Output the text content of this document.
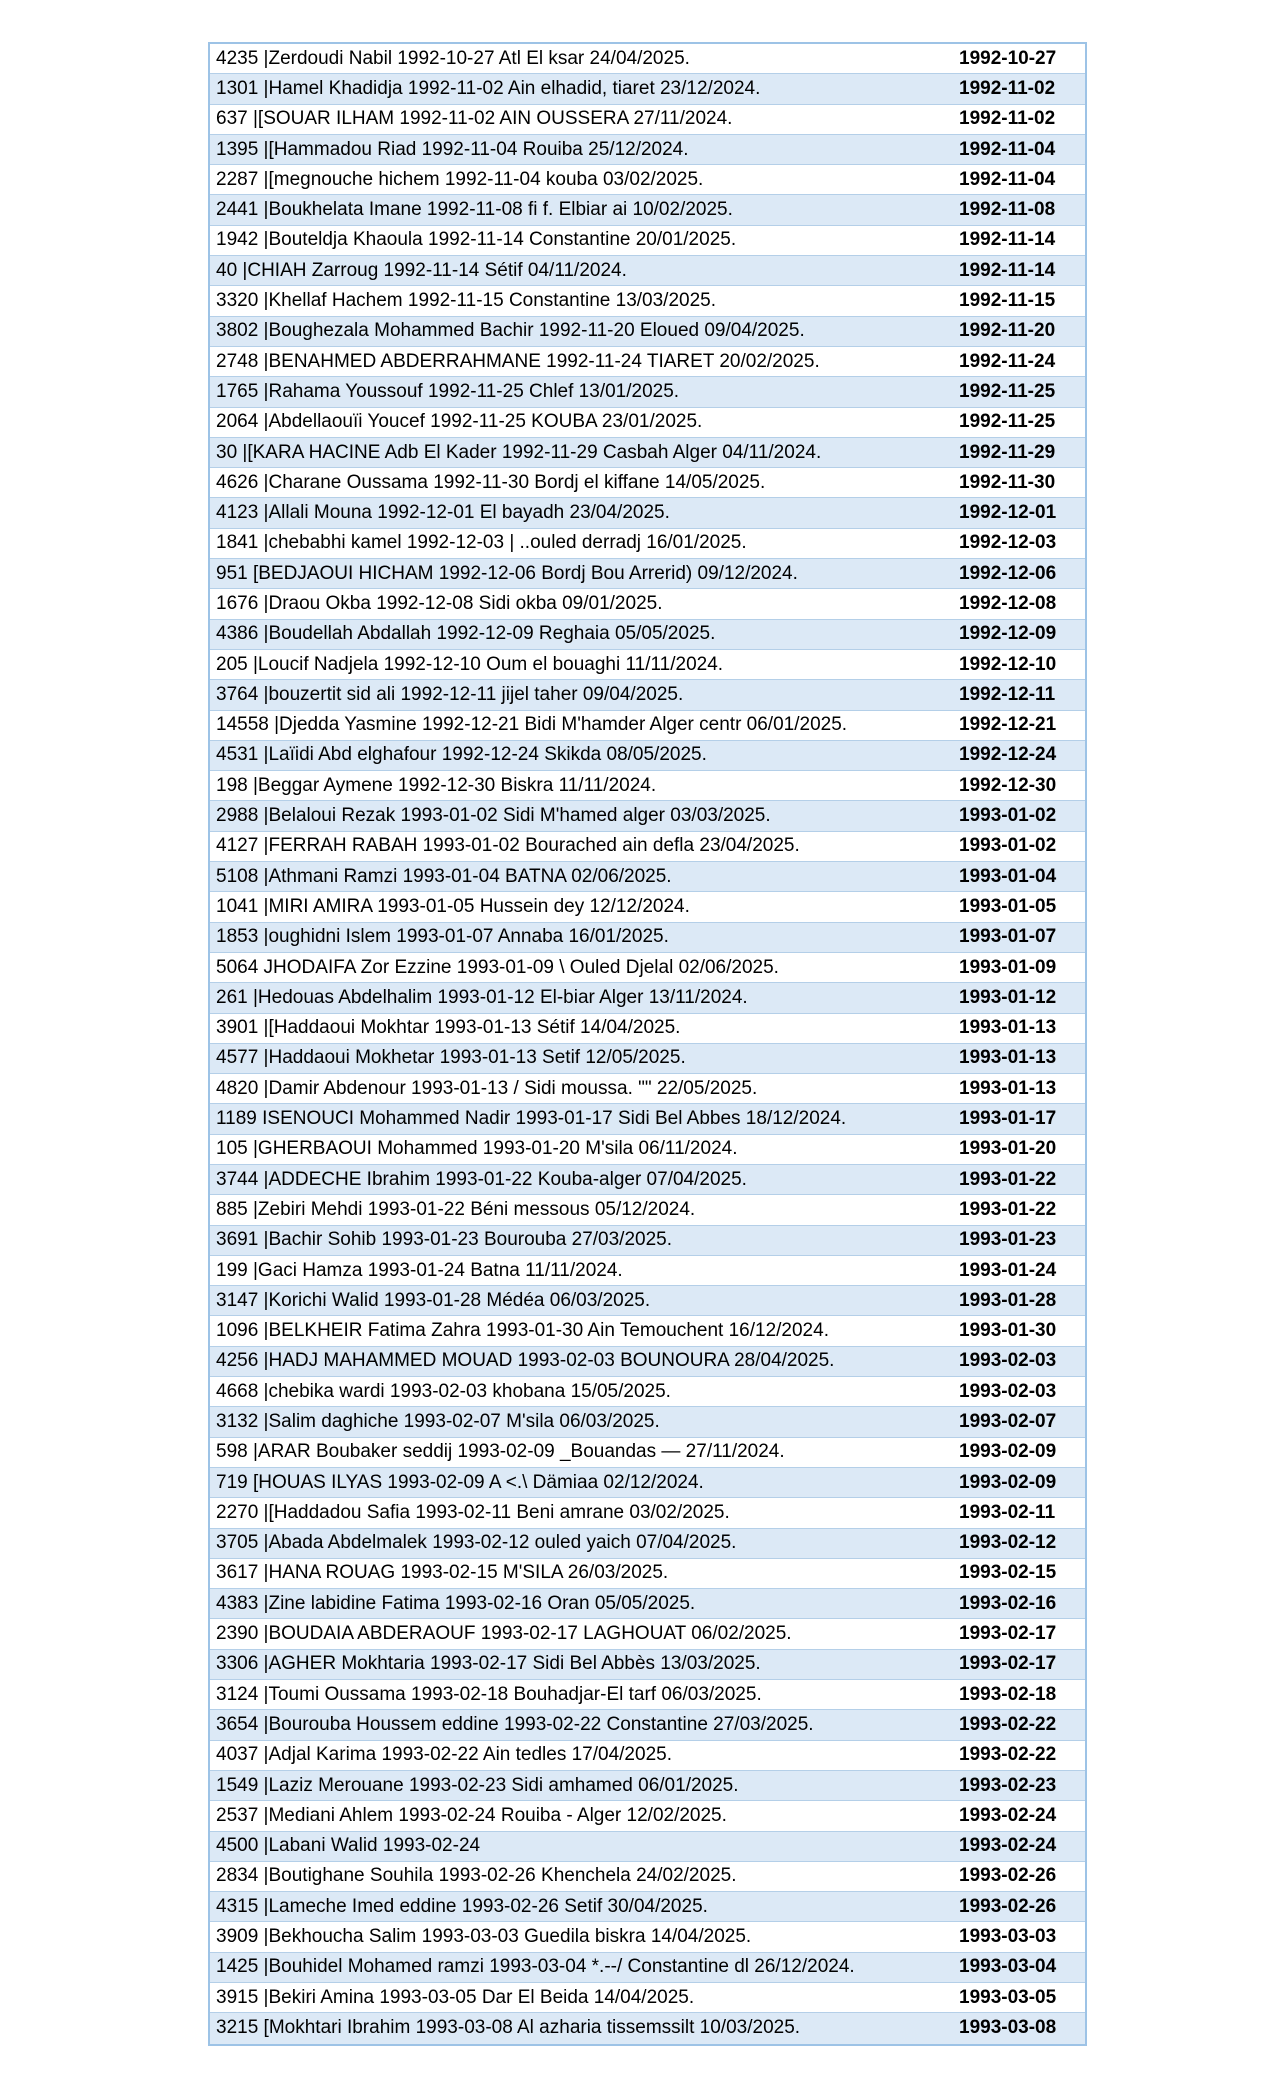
4235 |Zerdoudi Nabil 1992-10-27 Atl El ksar 24/04/2025.	1992-10-27
1301 |Hamel Khadidja 1992-11-02 Ain elhadid, tiaret 23/12/2024.	1992-11-02
637 |[SOUAR ILHAM 1992-11-02 AIN OUSSERA 27/11/2024.	1992-11-02
1395 |[Hammadou Riad 1992-11-04 Rouiba 25/12/2024.	1992-11-04
2287 |[megnouche hichem 1992-11-04 kouba 03/02/2025.	1992-11-04
2441 |Boukhelata Imane 1992-11-08 fi f. Elbiar ai 10/02/2025.	1992-11-08
1942 |Bouteldja Khaoula 1992-11-14 Constantine 20/01/2025.	1992-11-14
40 |CHIAH Zarroug 1992-11-14 Sétif 04/11/2024.	1992-11-14
3320 |Khellaf Hachem 1992-11-15 Constantine 13/03/2025.	1992-11-15
3802 |Boughezala Mohammed Bachir 1992-11-20 Eloued 09/04/2025.	1992-11-20
2748 |BENAHMED ABDERRAHMANE 1992-11-24 TIARET 20/02/2025.	1992-11-24
1765 |Rahama Youssouf 1992-11-25 Chlef 13/01/2025.	1992-11-25
2064 |Abdellaouïi Youcef 1992-11-25 KOUBA 23/01/2025.	1992-11-25
30 |[KARA HACINE Adb El Kader 1992-11-29 Casbah Alger 04/11/2024.	1992-11-29
4626 |Charane Oussama 1992-11-30 Bordj el kiffane 14/05/2025.	1992-11-30
4123 |Allali Mouna 1992-12-01 El bayadh 23/04/2025.	1992-12-01
1841 |chebabhi kamel 1992-12-03 | ..ouled derradj 16/01/2025.	1992-12-03
951 [BEDJAOUI HICHAM 1992-12-06 Bordj Bou Arrerid) 09/12/2024.	1992-12-06
1676 |Draou Okba 1992-12-08 Sidi okba 09/01/2025.	1992-12-08
4386 |Boudellah Abdallah 1992-12-09 Reghaia 05/05/2025.	1992-12-09
205 |Loucif Nadjela 1992-12-10 Oum el bouaghi 11/11/2024.	1992-12-10
3764 |bouzertit sid ali 1992-12-11 jijel taher 09/04/2025.	1992-12-11
14558 |Djedda Yasmine 1992-12-21 Bidi M'hamder Alger centr 06/01/2025.	1992-12-21
4531 |Laïidi Abd elghafour 1992-12-24 Skikda 08/05/2025.	1992-12-24
198 |Beggar Aymene 1992-12-30 Biskra 11/11/2024.	1992-12-30
2988 |Belaloui Rezak 1993-01-02 Sidi M'hamed alger 03/03/2025.	1993-01-02
4127 |FERRAH RABAH 1993-01-02 Bourached ain defla 23/04/2025.	1993-01-02
5108 |Athmani Ramzi 1993-01-04 BATNA 02/06/2025.	1993-01-04
1041 |MIRI AMIRA 1993-01-05 Hussein dey 12/12/2024.	1993-01-05
1853 |oughidni Islem 1993-01-07 Annaba 16/01/2025.	1993-01-07
5064 JHODAIFA Zor Ezzine 1993-01-09 \ Ouled Djelal 02/06/2025.	1993-01-09
261 |Hedouas Abdelhalim 1993-01-12 El-biar Alger 13/11/2024.	1993-01-12
3901 |[Haddaoui Mokhtar 1993-01-13 Sétif 14/04/2025.	1993-01-13
4577 |Haddaoui Mokhetar 1993-01-13 Setif 12/05/2025.	1993-01-13
4820 |Damir Abdenour 1993-01-13 / Sidi moussa. "" 22/05/2025.	1993-01-13
1189 ISENOUCI Mohammed Nadir 1993-01-17 Sidi Bel Abbes 18/12/2024.	1993-01-17
105 |GHERBAOUI Mohammed 1993-01-20 M'sila 06/11/2024.	1993-01-20
3744 |ADDECHE Ibrahim 1993-01-22 Kouba-alger 07/04/2025.	1993-01-22
885 |Zebiri Mehdi 1993-01-22 Béni messous 05/12/2024.	1993-01-22
3691 |Bachir Sohib 1993-01-23 Bourouba 27/03/2025.	1993-01-23
199 |Gaci Hamza 1993-01-24 Batna 11/11/2024.	1993-01-24
3147 |Korichi Walid 1993-01-28 Médéa 06/03/2025.	1993-01-28
1096 |BELKHEIR Fatima Zahra 1993-01-30 Ain Temouchent 16/12/2024.	1993-01-30
4256 |HADJ MAHAMMED MOUAD 1993-02-03 BOUNOURA 28/04/2025.	1993-02-03
4668 |chebika wardi 1993-02-03 khobana 15/05/2025.	1993-02-03
3132 |Salim daghiche 1993-02-07 M'sila 06/03/2025.	1993-02-07
598 |ARAR Boubaker seddij 1993-02-09 _Bouandas — 27/11/2024.	1993-02-09
719 [HOUAS ILYAS 1993-02-09 A <.\ Dämiaa 02/12/2024.	1993-02-09
2270 |[Haddadou Safia 1993-02-11 Beni amrane 03/02/2025.	1993-02-11
3705 |Abada Abdelmalek 1993-02-12 ouled yaich 07/04/2025.	1993-02-12
3617 |HANA ROUAG 1993-02-15 M'SILA 26/03/2025.	1993-02-15
4383 |Zine labidine Fatima 1993-02-16 Oran 05/05/2025.	1993-02-16
2390 |BOUDAIA ABDERAOUF 1993-02-17 LAGHOUAT 06/02/2025.	1993-02-17
3306 |AGHER Mokhtaria 1993-02-17 Sidi Bel Abbès 13/03/2025.	1993-02-17
3124 |Toumi Oussama 1993-02-18 Bouhadjar-El tarf 06/03/2025.	1993-02-18
3654 |Bourouba Houssem eddine 1993-02-22 Constantine 27/03/2025.	1993-02-22
4037 |Adjal Karima 1993-02-22 Ain tedles 17/04/2025.	1993-02-22
1549 |Laziz Merouane 1993-02-23 Sidi amhamed 06/01/2025.	1993-02-23
2537 |Mediani Ahlem 1993-02-24 Rouiba - Alger 12/02/2025.	1993-02-24
4500 |Labani Walid 1993-02-24	1993-02-24
2834 |Boutighane Souhila 1993-02-26 Khenchela 24/02/2025.	1993-02-26
4315 |Lameche Imed eddine 1993-02-26 Setif 30/04/2025.	1993-02-26
3909 |Bekhoucha Salim 1993-03-03 Guedila biskra 14/04/2025.	1993-03-03
1425 |Bouhidel Mohamed ramzi 1993-03-04 *.--/ Constantine dl 26/12/2024.	1993-03-04
3915 |Bekiri Amina 1993-03-05 Dar El Beida 14/04/2025.	1993-03-05
3215 [Mokhtari Ibrahim 1993-03-08 Al azharia tissemssilt 10/03/2025.	1993-03-08
